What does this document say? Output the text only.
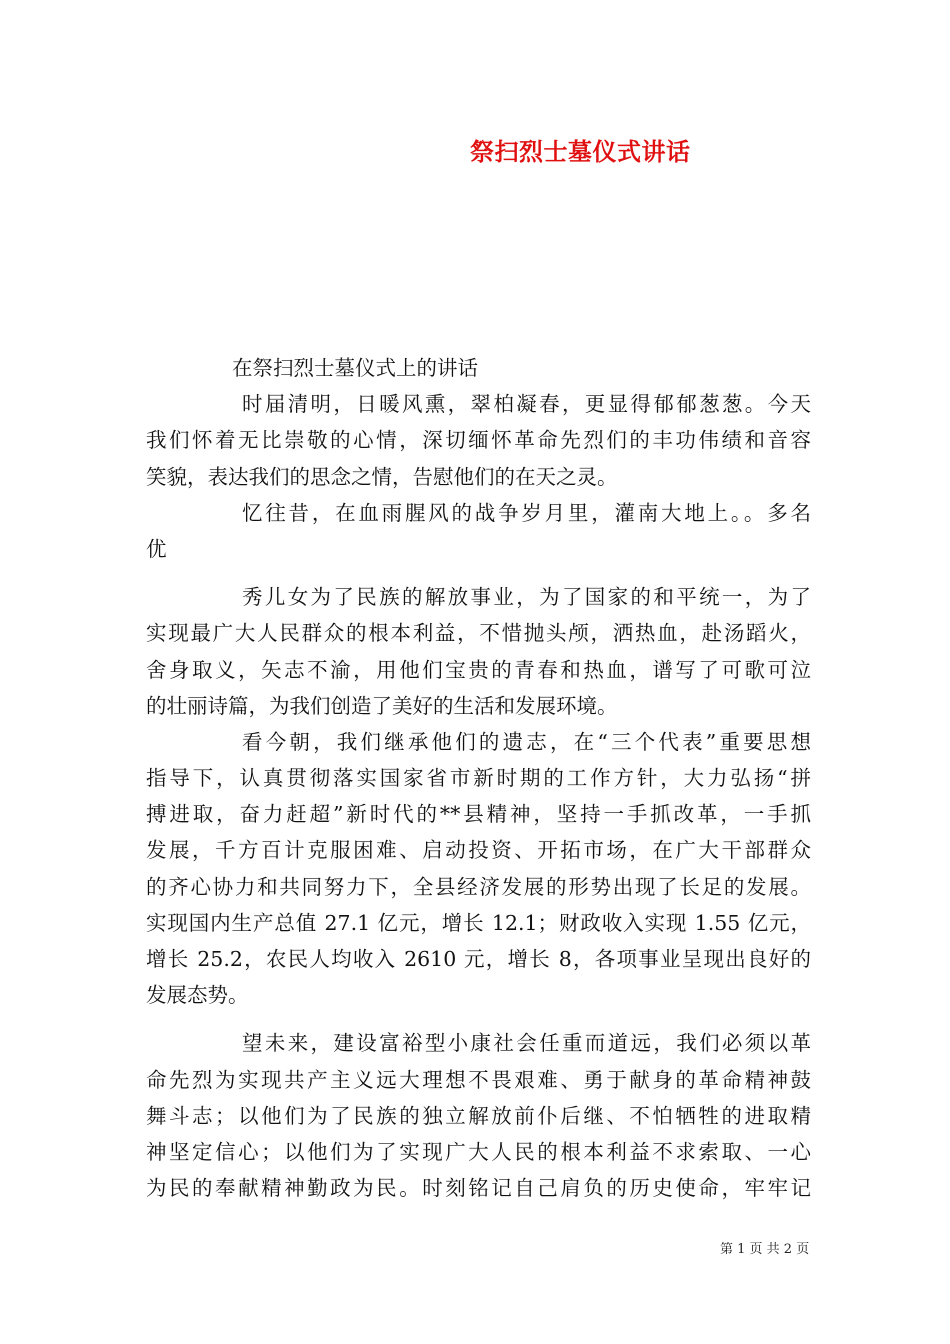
祭扫烈士墓仪式讲话
在祭扫烈士墓仪式上的讲话
时届清明，日暖风熏，翠柏凝春，更显得郁郁葱葱。今天
我们怀着无比崇敬的心情，深切缅怀革命先烈们的丰功伟绩和音容
笑貌，表达我们的思念之情，告慰他们的在天之灵。
忆往昔，在血雨腥风的战争岁月里，灌南大地上。。多名
优
秀儿女为了民族的解放事业，为了国家的和平统一，为了
实现最广大人民群众的根本利益，不惜抛头颅，洒热血，赴汤蹈火，
舍身取义，矢志不渝，用他们宝贵的青春和热血，谱写了可歌可泣
的壮丽诗篇，为我们创造了美好的生活和发展环境。
看今朝，我们继承他们的遗志，在“三个代表”重要思想
指导下，认真贯彻落实国家省市新时期的工作方针，大力弘扬“拼
搏进取，奋力赶超”新时代的**县精神，坚持一手抓改革，一手抓
发展，千方百计克服困难、启动投资、开拓市场，在广大干部群众
的齐心协力和共同努力下，全县经济发展的形势出现了长足的发展。
实现国内生产总值 27.1 亿元，增长 12.1；财政收入实现 1.55 亿元，
增长 25.2，农民人均收入 2610 元，增长 8，各项事业呈现出良好的
发展态势。
望未来，建设富裕型小康社会任重而道远，我们必须以革
命先烈为实现共产主义远大理想不畏艰难、勇于献身的革命精神鼓
舞斗志；以他们为了民族的独立解放前仆后继、不怕牺牲的进取精
神坚定信心；以他们为了实现广大人民的根本利益不求索取、一心
为民的奉献精神勤政为民。时刻铭记自己肩负的历史使命，牢牢记
第 1 页 共 2 页
